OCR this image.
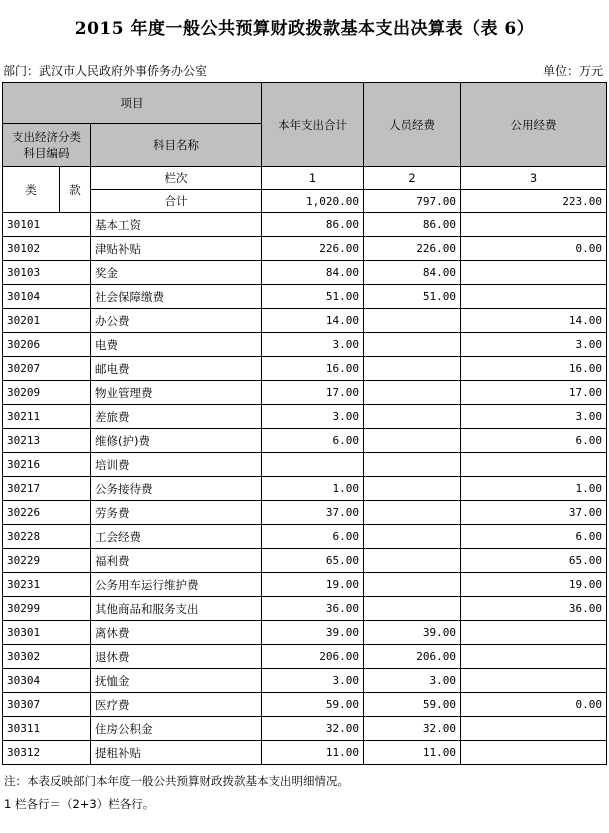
2015 年度一般公共预算财政拨款基本支出决算表（表 6）
部门：武汉市人民政府外事侨务办公室	单位：万元
项目			本年支出合计	人员经费	公用经费
支出经济分类科目编码		科目名称			
类	款	栏次	1	2	3
		合计	1,020.00	797.00	223.00
30101		基本工资	86.00	86.00	
30102		津贴补贴	226.00	226.00	0.00
30103		奖金	84.00	84.00	
30104		社会保障缴费	51.00	51.00	
30201		办公费	14.00		14.00
30206		电费	3.00		3.00
30207		邮电费	16.00		16.00
30209		物业管理费	17.00		17.00
30211		差旅费	3.00		3.00
30213		维修(护)费	6.00		6.00
30216		培训费			
30217		公务接待费	1.00		1.00
30226		劳务费	37.00		37.00
30228		工会经费	6.00		6.00
30229		福利费	65.00		65.00
30231		公务用车运行维护费	19.00		19.00
30299		其他商品和服务支出	36.00		36.00
30301		离休费	39.00	39.00	
30302		退休费	206.00	206.00	
30304		抚恤金	3.00	3.00	
30307		医疗费	59.00	59.00	0.00
30311		住房公积金	32.00	32.00	
30312		提租补贴	11.00	11.00	
注：本表反映部门本年度一般公共预算财政拨款基本支出明细情况。
1 栏各行＝（2+3）栏各行。
